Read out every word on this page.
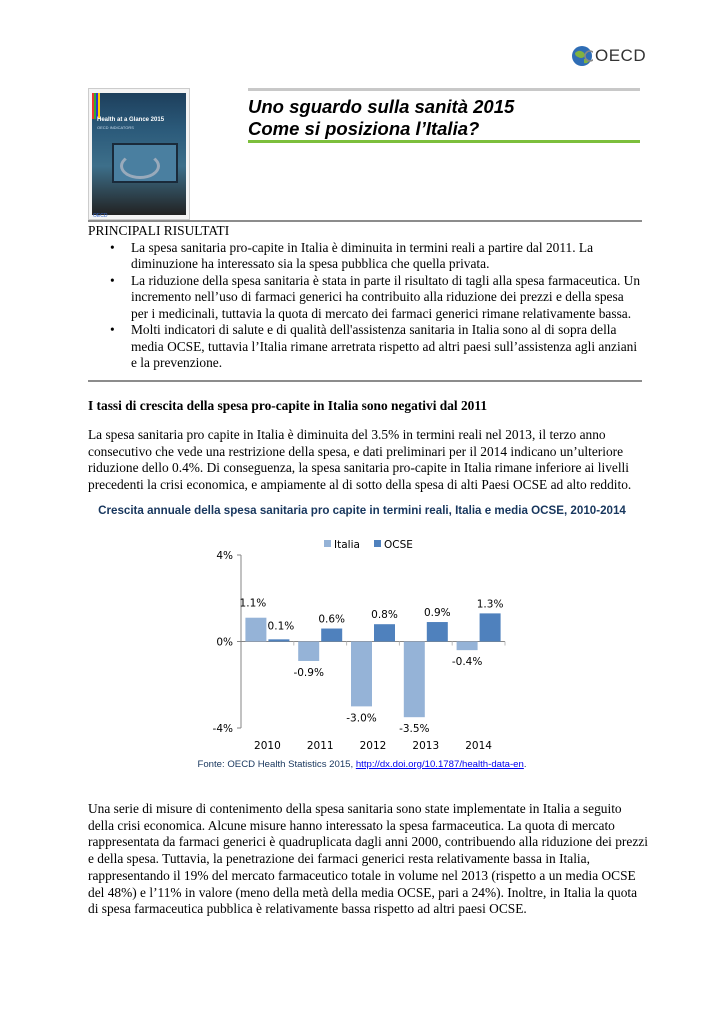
OECD
Health at a Glance 2015
OECD INDICATORS
OECD
Uno sguardo sulla sanità 2015
Come si posiziona l’Italia?
PRINCIPALI RISULTATI
• La spesa sanitaria pro-capite in Italia è diminuita in termini reali a partire dal 2011. La diminuzione ha interessato sia la spesa pubblica che quella privata.
• La riduzione della spesa sanitaria è stata in parte il risultato di tagli alla spesa farmaceutica. Un incremento nell’uso di farmaci generici ha contribuito alla riduzione dei prezzi e della spesa per i medicinali, tuttavia la quota di mercato dei farmaci generici rimane relativamente bassa.
• Molti indicatori di salute e di qualità dell'assistenza sanitaria in Italia sono al di sopra della media OCSE, tuttavia l’Italia rimane arretrata rispetto ad altri paesi sull’assistenza agli anziani e la prevenzione.
I tassi di crescita della spesa pro-capite in Italia sono negativi dal 2011
La spesa sanitaria pro capite in Italia è diminuita del 3.5% in termini reali nel 2013, il terzo anno consecutivo che vede una restrizione della spesa, e dati preliminari per il 2014 indicano un’ulteriore riduzione dello 0.4%. Di conseguenza, la spesa sanitaria pro-capite in Italia rimane inferiore ai livelli precedenti la crisi economica, e ampiamente al di sotto della spesa di alti Paesi OCSE ad alto reddito.
Crescita annuale della spesa sanitaria pro capite in termini reali, Italia e media OCSE, 2010-2014
4%
0%
-4%
2010
1.1%
0.1%
2011
-0.9%
0.6%
2012
-3.0%
0.8%
2013
-3.5%
0.9%
2014
-0.4%
1.3%
Italia OCSE
Fonte: OECD Health Statistics 2015, http://dx.doi.org/10.1787/health-data-en.
Una serie di misure di contenimento della spesa sanitaria sono state implementate in Italia a seguito della crisi economica. Alcune misure hanno interessato la spesa farmaceutica. La quota di mercato rappresentata da farmaci generici è quadruplicata dagli anni 2000, contribuendo alla riduzione dei prezzi e della spesa. Tuttavia, la penetrazione dei farmaci generici resta relativamente bassa in Italia, rappresentando il 19% del mercato farmaceutico totale in volume nel 2013 (rispetto a un media OCSE del 48%) e l’11% in valore (meno della metà della media OCSE, pari a 24%). Inoltre, in Italia la quota di spesa farmaceutica pubblica è relativamente bassa rispetto ad altri paesi OCSE.
